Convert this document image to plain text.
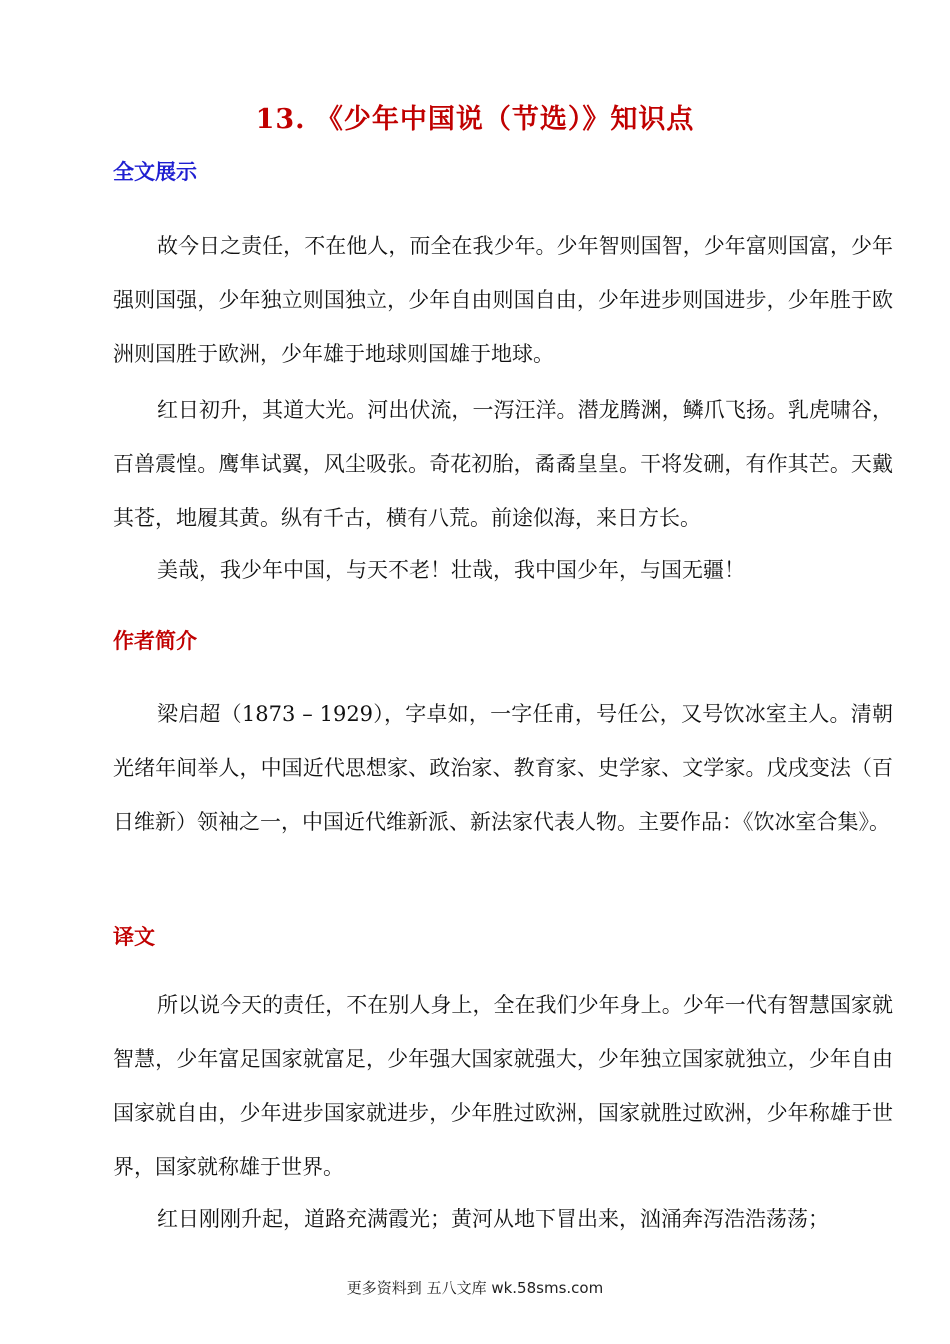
13. 《少年中国说（节选）》知识点
全文展示

故今日之责任，不在他人，而全在我少年。少年智则国智，少年富则国富，少年强则国强，少年独立则国独立，少年自由则国自由，少年进步则国进步，少年胜于欧洲则国胜于欧洲，少年雄于地球则国雄于地球。

红日初升，其道大光。河出伏流，一泻汪洋。潜龙腾渊，鳞爪飞扬。乳虎啸谷，百兽震惶。鹰隼试翼，风尘吸张。奇花初胎，矞矞皇皇。干将发硎，有作其芒。天戴其苍，地履其黄。纵有千古，横有八荒。前途似海，来日方长。

美哉，我少年中国，与天不老！壮哉，我中国少年，与国无疆！

作者简介

梁启超（1873 – 1929），字卓如，一字任甫，号任公，又号饮冰室主人。清朝光绪年间举人，中国近代思想家、政治家、教育家、史学家、文学家。戊戌变法（百日维新）领袖之一，中国近代维新派、新法家代表人物。主要作品：《饮冰室合集》。

译文

所以说今天的责任，不在别人身上，全在我们少年身上。少年一代有智慧国家就智慧，少年富足国家就富足，少年强大国家就强大，少年独立国家就独立，少年自由国家就自由，少年进步国家就进步，少年胜过欧洲，国家就胜过欧洲，少年称雄于世界，国家就称雄于世界。

红日刚刚升起，道路充满霞光；黄河从地下冒出来，汹涌奔泻浩浩荡荡；

更多资料到 五八文库 wk.58sms.com
